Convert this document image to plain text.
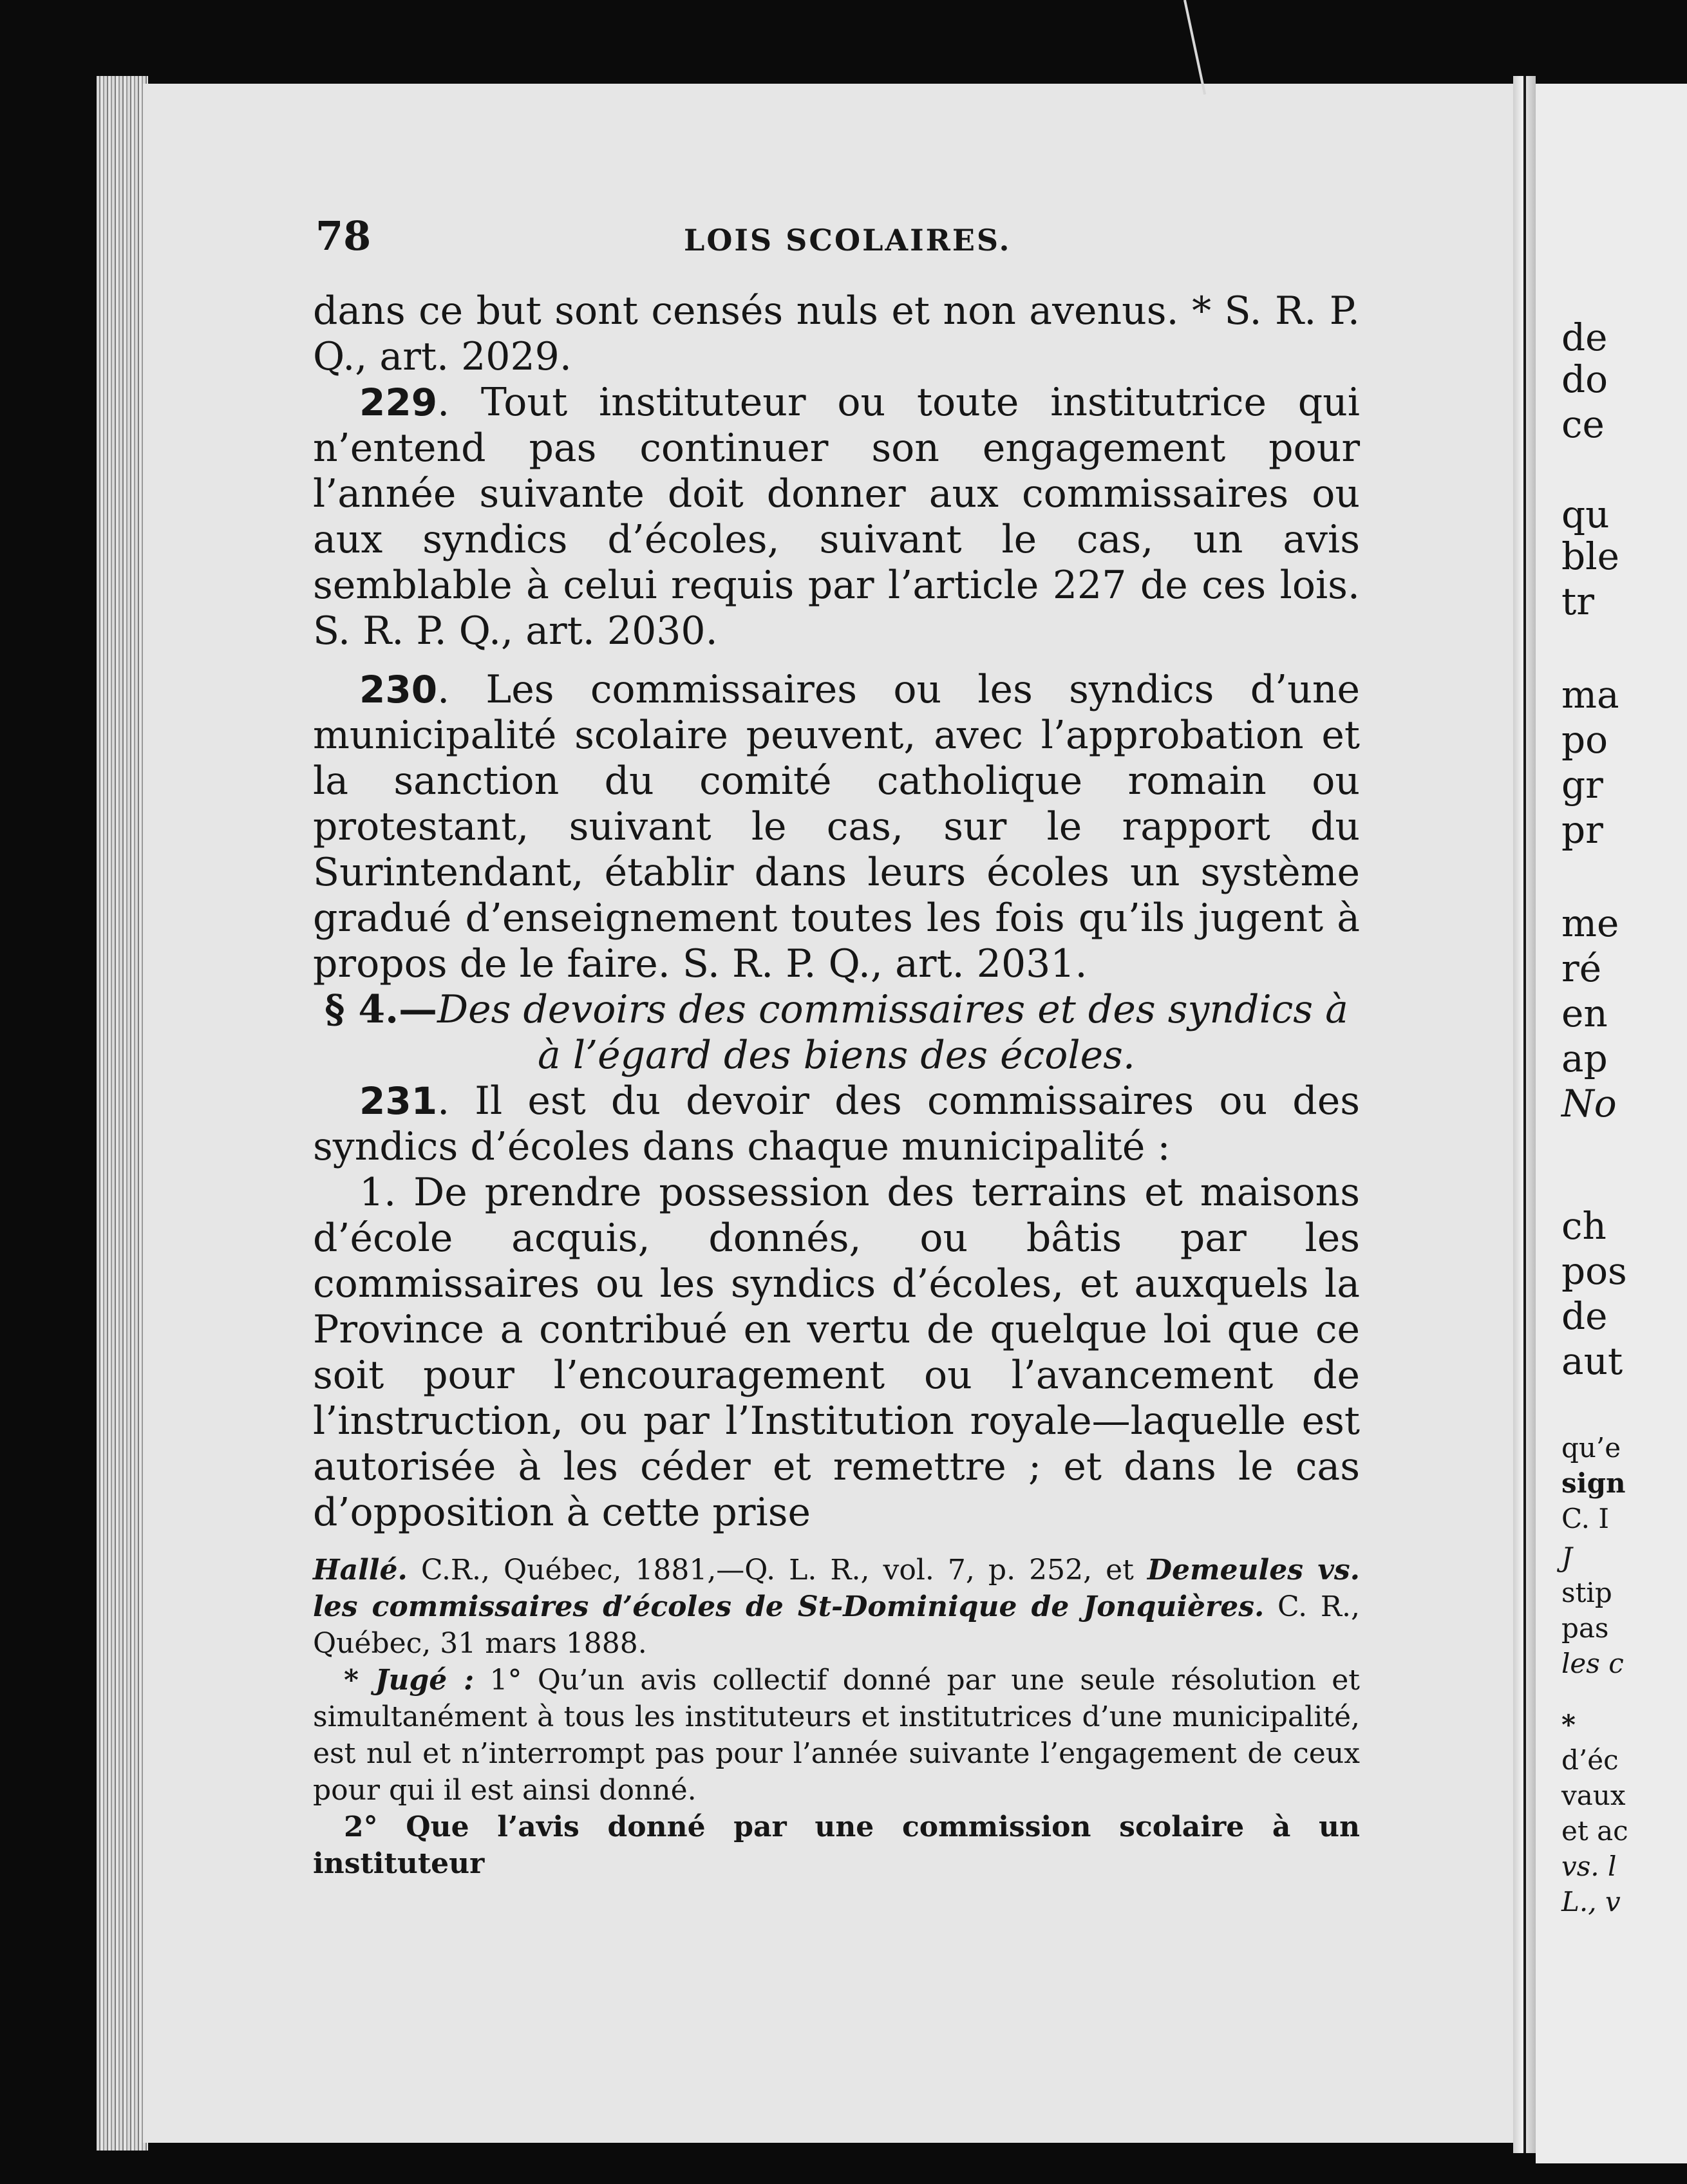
de
do
ce
qu
ble
tr
ma
po
gr
pr
me
ré
en
ap
No
ch
pos
de
aut
qu’e
sign
C. I
J
stip
pas
les c
*
d’éc
vaux
et ac
vs. l
L., v
78	LOIS SCOLAIRES.

dans ce but sont censés nuls et non avenus. * S. R. P. Q., art. 2029.

229. Tout instituteur ou toute institutrice qui n’entend pas continuer son engagement pour l’année suivante doit donner aux commissaires ou aux syndics d’écoles, suivant le cas, un avis semblable à celui requis par l’article 227 de ces lois. S. R. P. Q., art. 2030.

230. Les commissaires ou les syndics d’une municipalité scolaire peuvent, avec l’approbation et la sanction du comité catholique romain ou protestant, suivant le cas, sur le rapport du Surintendant, établir dans leurs écoles un système gradué d’enseignement toutes les fois qu’ils jugent à propos de le faire. S. R. P. Q., art. 2031.

§ 4.—Des devoirs des commissaires et des syndics à à l’égard des biens des écoles.

231. Il est du devoir des commissaires ou des syndics d’écoles dans chaque municipalité :

1. De prendre possession des terrains et maisons d’école acquis, donnés, ou bâtis par les commissaires ou les syndics d’écoles, et auxquels la Province a contribué en vertu de quelque loi que ce soit pour l’encouragement ou l’avancement de l’instruction, ou par l’Institution royale—laquelle est autorisée à les céder et remettre ; et dans le cas d’opposition à cette prise

Hallé. C.R., Québec, 1881,—Q. L. R., vol. 7, p. 252, et Demeules vs. les commissaires d’écoles de St-Dominique de Jonquières. C. R., Québec, 31 mars 1888.

* Jugé : 1° Qu’un avis collectif donné par une seule résolution et simultanément à tous les instituteurs et institutrices d’une municipalité, est nul et n’interrompt pas pour l’année suivante l’engagement de ceux pour qui il est ainsi donné.

2° Que l’avis donné par une commission scolaire à un instituteur
